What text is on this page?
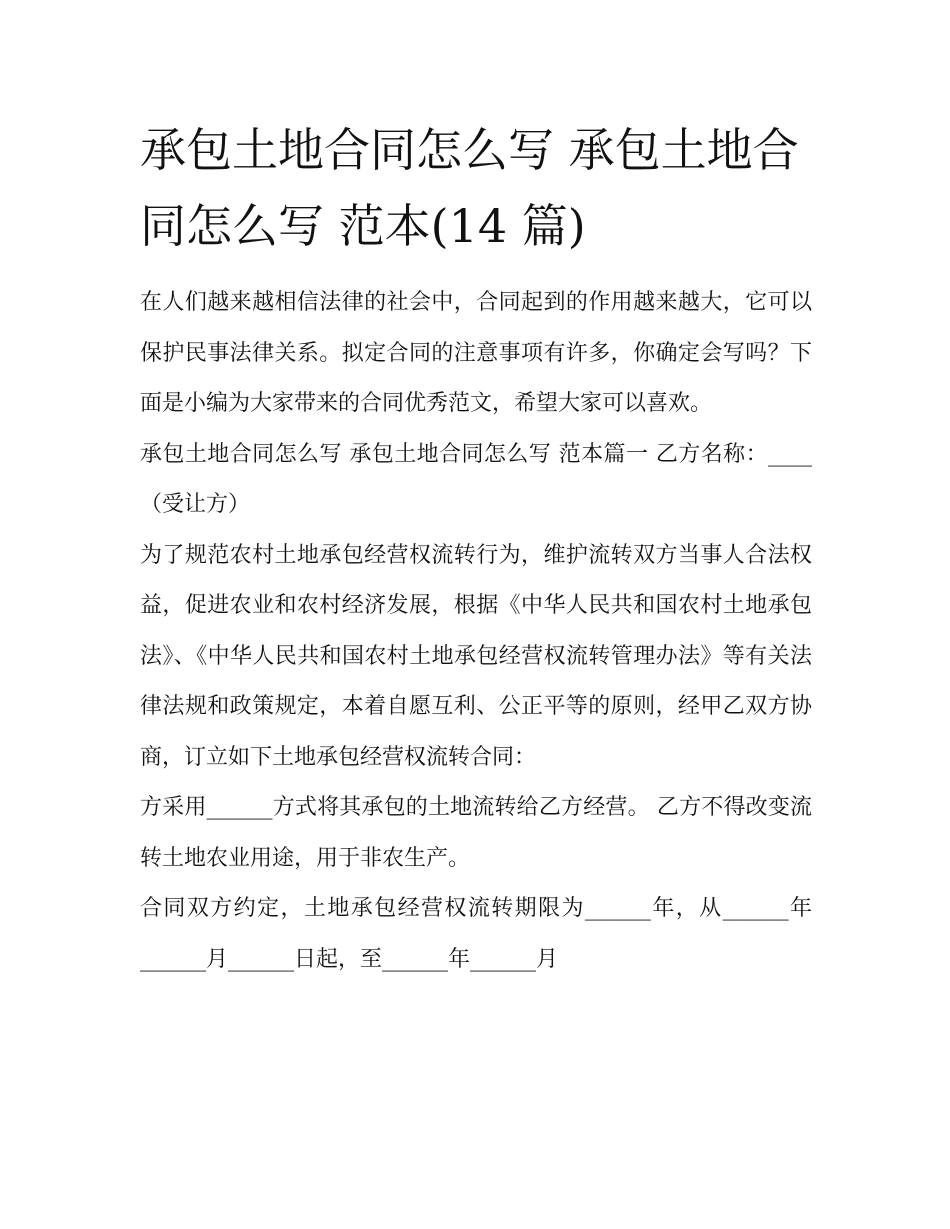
承包土地合同怎么写 承包土地合同怎么写 范本(14 篇)

在人们越来越相信法律的社会中，合同起到的作用越来越大，它可以保护民事法律关系。拟定合同的注意事项有许多，你确定会写吗？下面是小编为大家带来的合同优秀范文，希望大家可以喜欢。

承包土地合同怎么写 承包土地合同怎么写 范本篇一 乙方名称：____（受让方）

为了规范农村土地承包经营权流转行为，维护流转双方当事人合法权益，促进农业和农村经济发展，根据《中华人民共和国农村土地承包法》、《中华人民共和国农村土地承包经营权流转管理办法》等有关法律法规和政策规定，本着自愿互利、公正平等的原则，经甲乙双方协商，订立如下土地承包经营权流转合同：

方采用______方式将其承包的土地流转给乙方经营。 乙方不得改变流转土地农业用途，用于非农生产。

合同双方约定，土地承包经营权流转期限为______年，从______年______月______日起，至______年______月
